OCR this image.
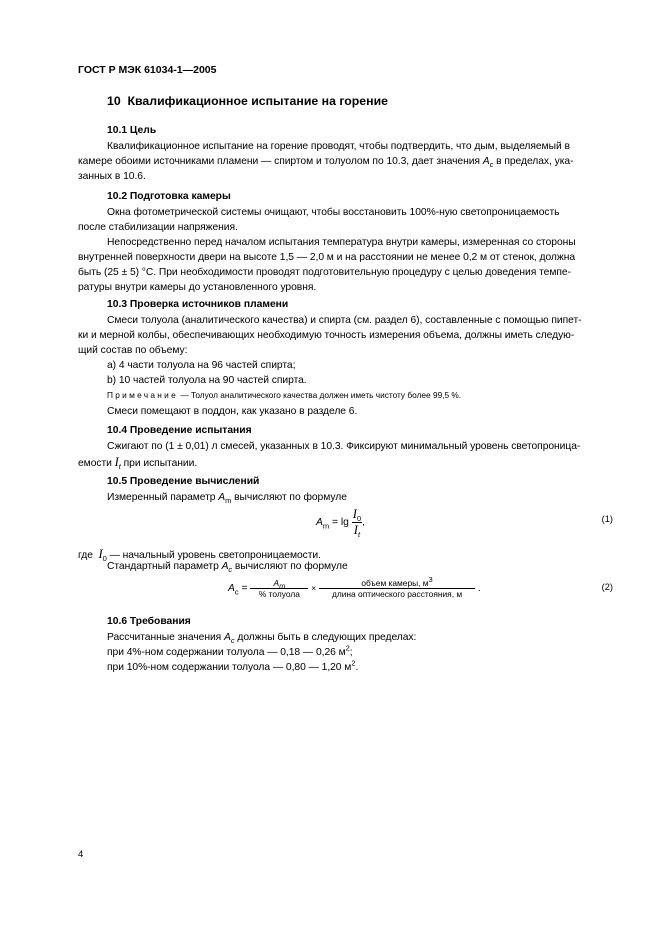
ГОСТ Р МЭК 61034-1—2005
10 Квалификационное испытание на горение
10.1 Цель
Квалификационное испытание на горение проводят, чтобы подтвердить, что дым, выделяемый в
камере обоими источниками пламени — спиртом и толуолом по 10.3, дает значения $A_c$ в пределах, ука-
занных в 10.6.
10.2 Подготовка камеры
Окна фотометрической системы очищают, чтобы восстановить 100%-ную светопроницаемость
после стабилизации напряжения.
Непосредственно перед началом испытания температура внутри камеры, измеренная со стороны
внутренней поверхности двери на высоте 1,5 — 2,0 м и на расстоянии не менее 0,2 м от стенок, должна
быть (25 ± 5) °С. При необходимости проводят подготовительную процедуру с целью доведения темпе-
ратуры внутри камеры до установленного уровня.
10.3 Проверка источников пламени
Смеси толуола (аналитического качества) и спирта (см. раздел 6), составленные с помощью пипет-
ки и мерной колбы, обеспечивающих необходимую точность измерения объема, должны иметь следую-
щий состав по объему:
а) 4 части толуола на 96 частей спирта;
b) 10 частей толуола на 90 частей спирта.
Примечание — Толуол аналитического качества должен иметь чистоту более 99,5 %.
Смеси помещают в поддон, как указано в разделе 6.
10.4 Проведение испытания
Сжигают по (1 ± 0,01) л смесей, указанных в 10.3. Фиксируют минимальный уровень светопроница-
емости $I_t$ при испытании.
10.5 Проведение вычислений
Измеренный параметр $A_m$ вычисляют по формуле
$A_m = \lg \frac{I_0}{I_t}$ ,	(1)
где $I_0$ — начальный уровень светопроницаемости.
Стандартный параметр $A_c$ вычисляют по формуле
$A_c = \frac{A_m}{\text{\% толуола}} \times \frac{объем камеры, м^3}{\text{длина оптического расстояния, м}}$ .	(2)
10.6 Требования
Рассчитанные значения $A_c$ должны быть в следующих пределах:
при 4%-ном содержании толуола — 0,18 — 0,26 $м^2$;
при 10%-ном содержании толуола — 0,80 — 1,20 $м^2$.
4
